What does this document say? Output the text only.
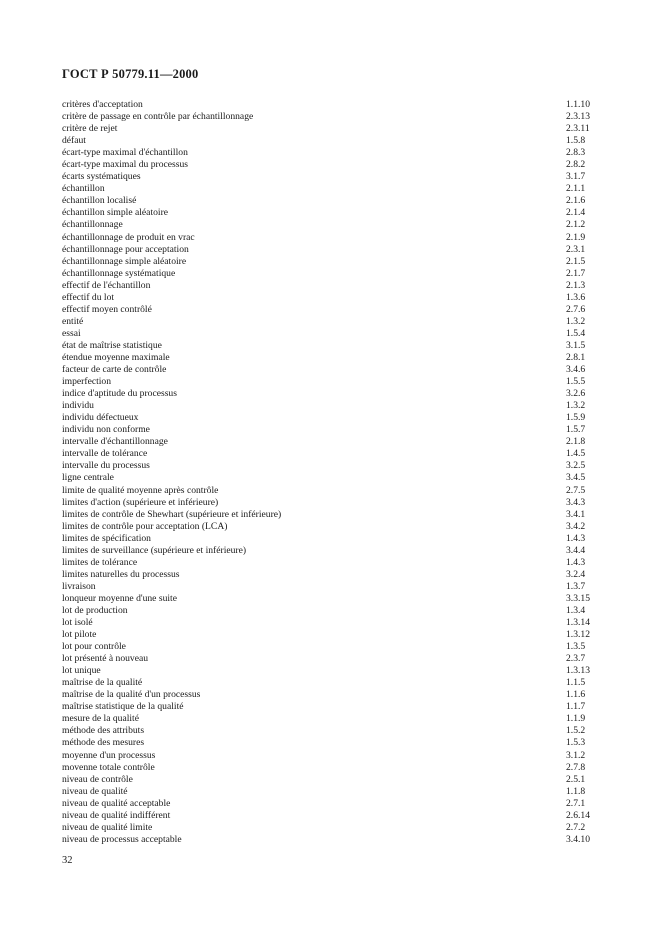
ГОСТ Р 50779.11—2000
critères d'acceptation	1.1.10
critère de passage en contrôle par échantillonnage	2.3.13
critère de rejet	2.3.11
défaut	1.5.8
écart-type maximal d'échantillon	2.8.3
écart-type maximal du processus	2.8.2
écarts systématiques	3.1.7
échantillon	2.1.1
échantillon localisé	2.1.6
échantillon simple aléatoire	2.1.4
échantillonnage	2.1.2
échantillonnage de produit en vrac	2.1.9
échantillonnage pour acceptation	2.3.1
échantillonnage simple aléatoire	2.1.5
échantillonnage systématique	2.1.7
effectif de l'échantillon	2.1.3
effectif du lot	1.3.6
effectif moyen contrôlé	2.7.6
entité	1.3.2
essai	1.5.4
état de maîtrise statistique	3.1.5
étendue moyenne maximale	2.8.1
facteur de carte de contrôle	3.4.6
imperfection	1.5.5
indice d'aptitude du processus	3.2.6
individu	1.3.2
individu défectueux	1.5.9
individu non conforme	1.5.7
intervalle d'échantillonnage	2.1.8
intervalle de tolérance	1.4.5
intervalle du processus	3.2.5
ligne centrale	3.4.5
limite de qualité moyenne après contrôle	2.7.5
limites d'action (supérieure et inférieure)	3.4.3
limites de contrôle de Shewhart (supérieure et inférieure)	3.4.1
limites de contrôle pour acceptation (LCA)	3.4.2
limites de spécification	1.4.3
limites de surveillance (supérieure et inférieure)	3.4.4
limites de tolérance	1.4.3
limites naturelles du processus	3.2.4
livraison	1.3.7
lonqueur moyenne d'une suite	3.3.15
lot de production	1.3.4
lot isolé	1.3.14
lot pilote	1.3.12
lot pour contrôle	1.3.5
lot présenté à nouveau	2.3.7
lot unique	1.3.13
maîtrise de la qualité	1.1.5
maîtrise de la qualité d'un processus	1.1.6
maîtrise statistique de la qualité	1.1.7
mesure de la qualité	1.1.9
méthode des attributs	1.5.2
méthode des mesures	1.5.3
moyenne d'un processus	3.1.2
movenne totale contrôle	2.7.8
niveau de contrôle	2.5.1
niveau de qualité	1.1.8
niveau de qualité acceptable	2.7.1
niveau de qualité indifférent	2.6.14
niveau de qualité limite	2.7.2
niveau de processus acceptable	3.4.10
32
